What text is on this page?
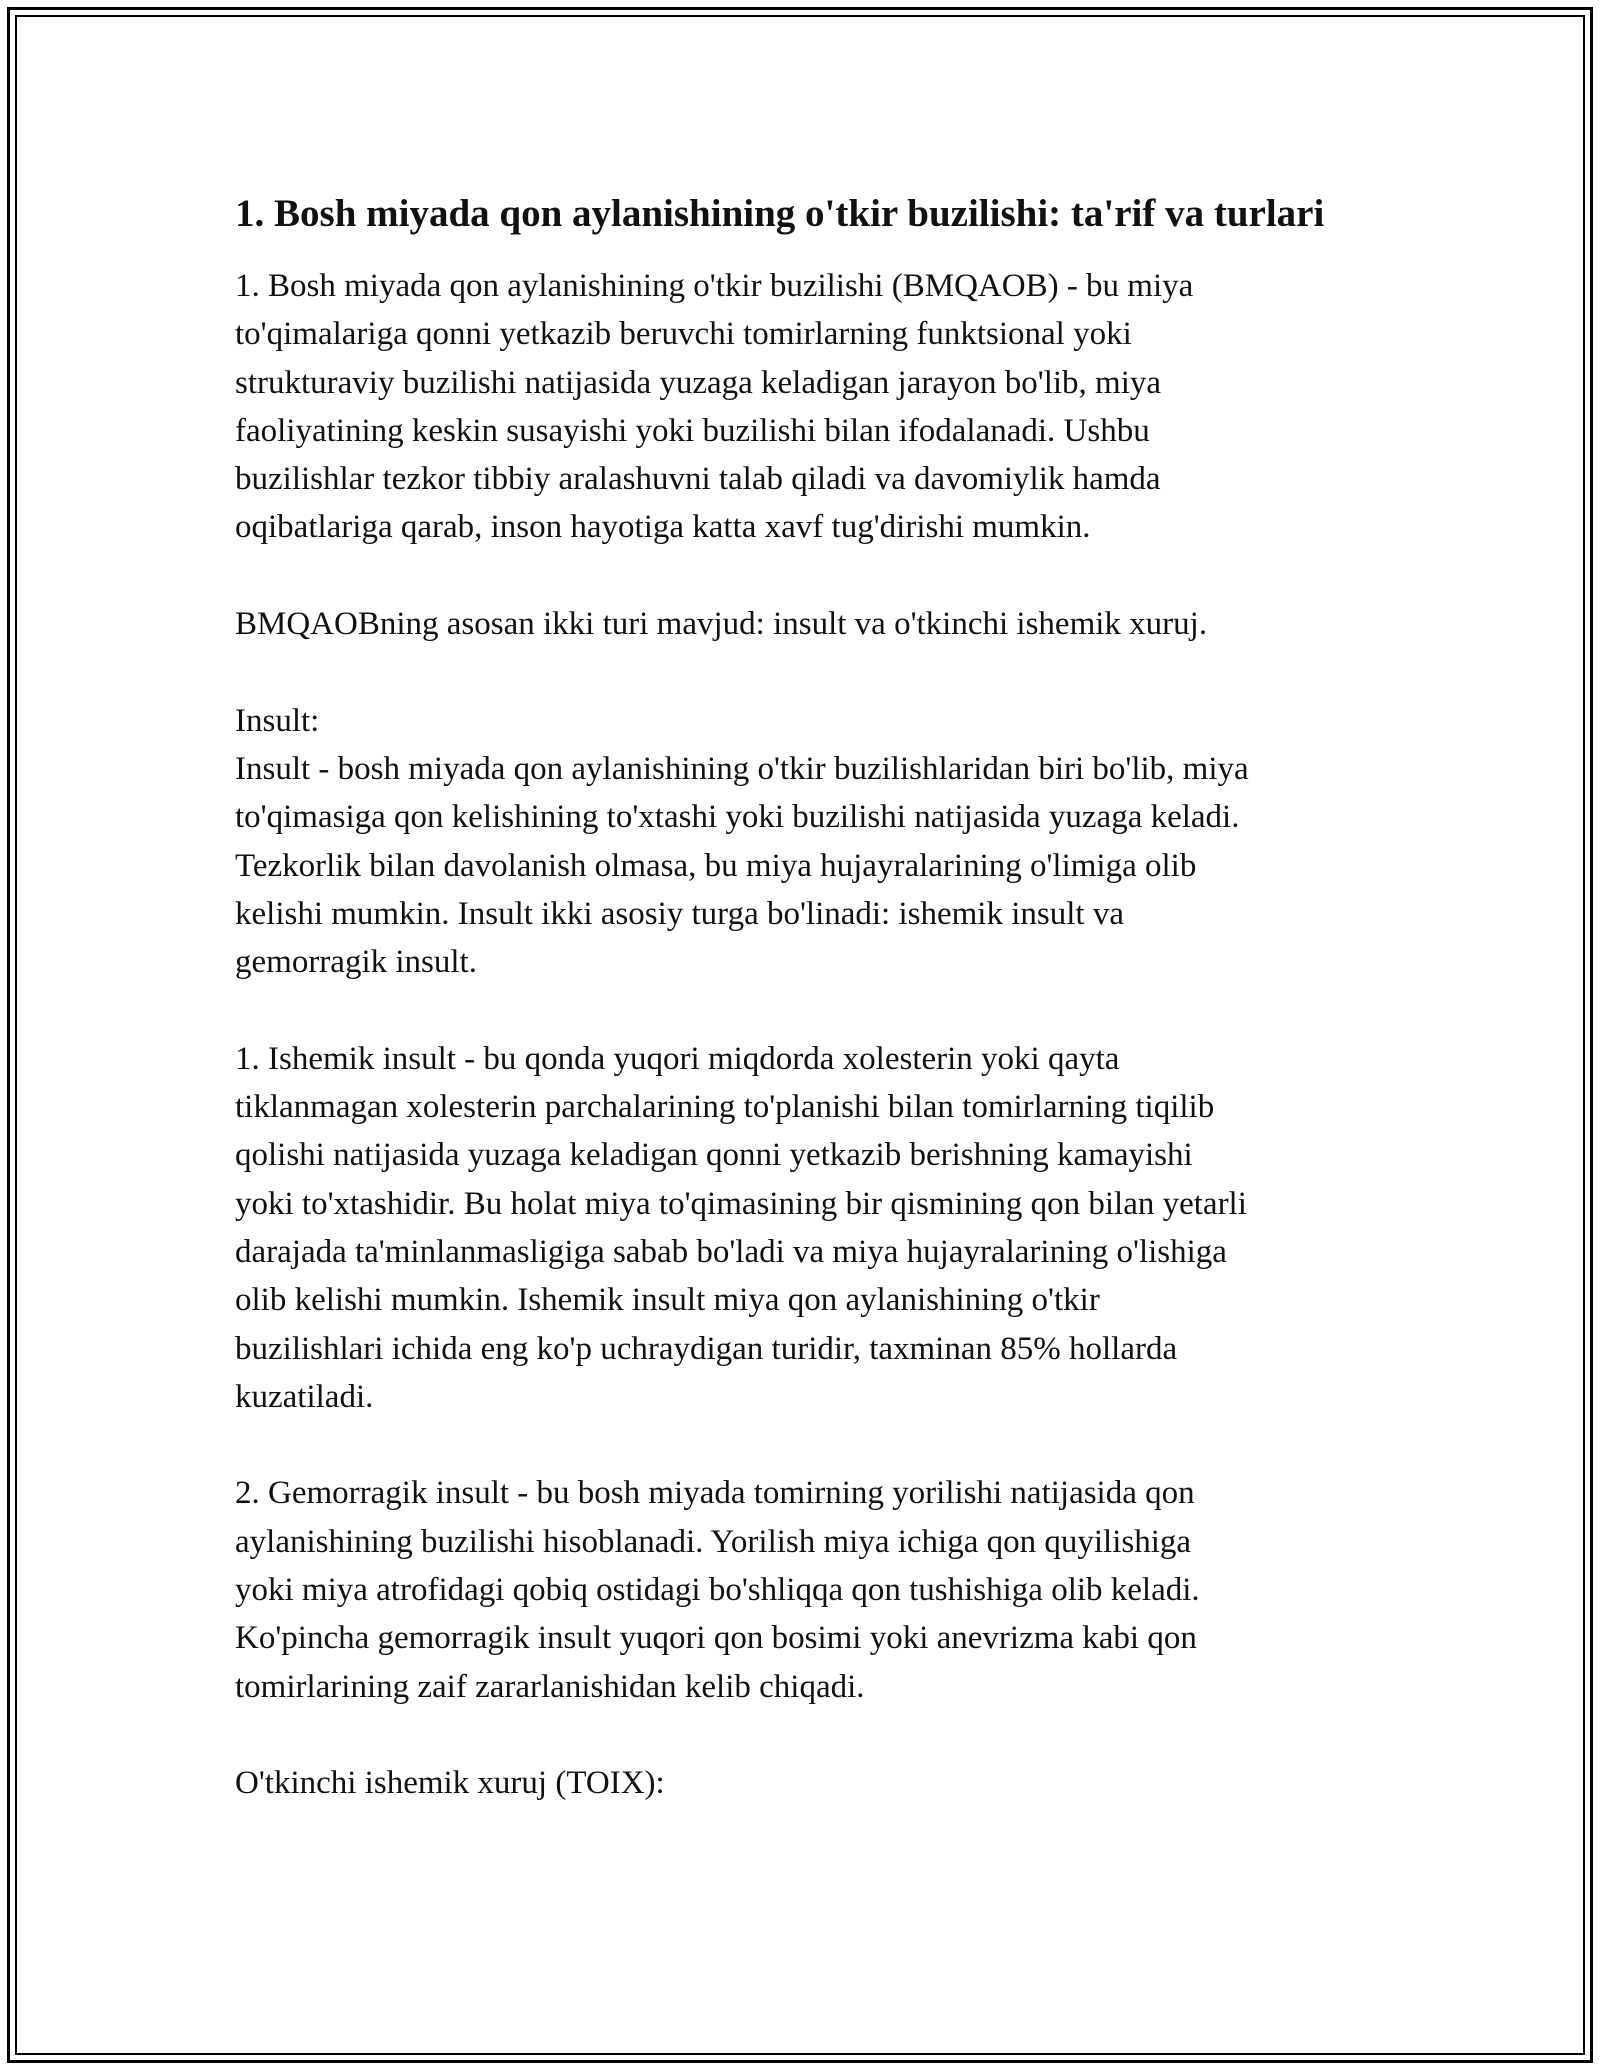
1. Bosh miyada qon aylanishining o'tkir buzilishi: ta'rif va turlari

1. Bosh miyada qon aylanishining o'tkir buzilishi (BMQAOB) - bu miya
to'qimalariga qonni yetkazib beruvchi tomirlarning funktsional yoki
strukturaviy buzilishi natijasida yuzaga keladigan jarayon bo'lib, miya
faoliyatining keskin susayishi yoki buzilishi bilan ifodalanadi. Ushbu
buzilishlar tezkor tibbiy aralashuvni talab qiladi va davomiylik hamda
oqibatlariga qarab, inson hayotiga katta xavf tug'dirishi mumkin.

BMQAOBning asosan ikki turi mavjud: insult va o'tkinchi ishemik xuruj.

Insult:
Insult - bosh miyada qon aylanishining o'tkir buzilishlaridan biri bo'lib, miya
to'qimasiga qon kelishining to'xtashi yoki buzilishi natijasida yuzaga keladi.
Tezkorlik bilan davolanish olmasa, bu miya hujayralarining o'limiga olib
kelishi mumkin. Insult ikki asosiy turga bo'linadi: ishemik insult va
gemorragik insult.

1. Ishemik insult - bu qonda yuqori miqdorda xolesterin yoki qayta
tiklanmagan xolesterin parchalarining to'planishi bilan tomirlarning tiqilib
qolishi natijasida yuzaga keladigan qonni yetkazib berishning kamayishi
yoki to'xtashidir. Bu holat miya to'qimasining bir qismining qon bilan yetarli
darajada ta'minlanmasligiga sabab bo'ladi va miya hujayralarining o'lishiga
olib kelishi mumkin. Ishemik insult miya qon aylanishining o'tkir
buzilishlari ichida eng ko'p uchraydigan turidir, taxminan 85% hollarda
kuzatiladi.

2. Gemorragik insult - bu bosh miyada tomirning yorilishi natijasida qon
aylanishining buzilishi hisoblanadi. Yorilish miya ichiga qon quyilishiga
yoki miya atrofidagi qobiq ostidagi bo'shliqqa qon tushishiga olib keladi.
Ko'pincha gemorragik insult yuqori qon bosimi yoki anevrizma kabi qon
tomirlarining zaif zararlanishidan kelib chiqadi.

O'tkinchi ishemik xuruj (TOIX):
